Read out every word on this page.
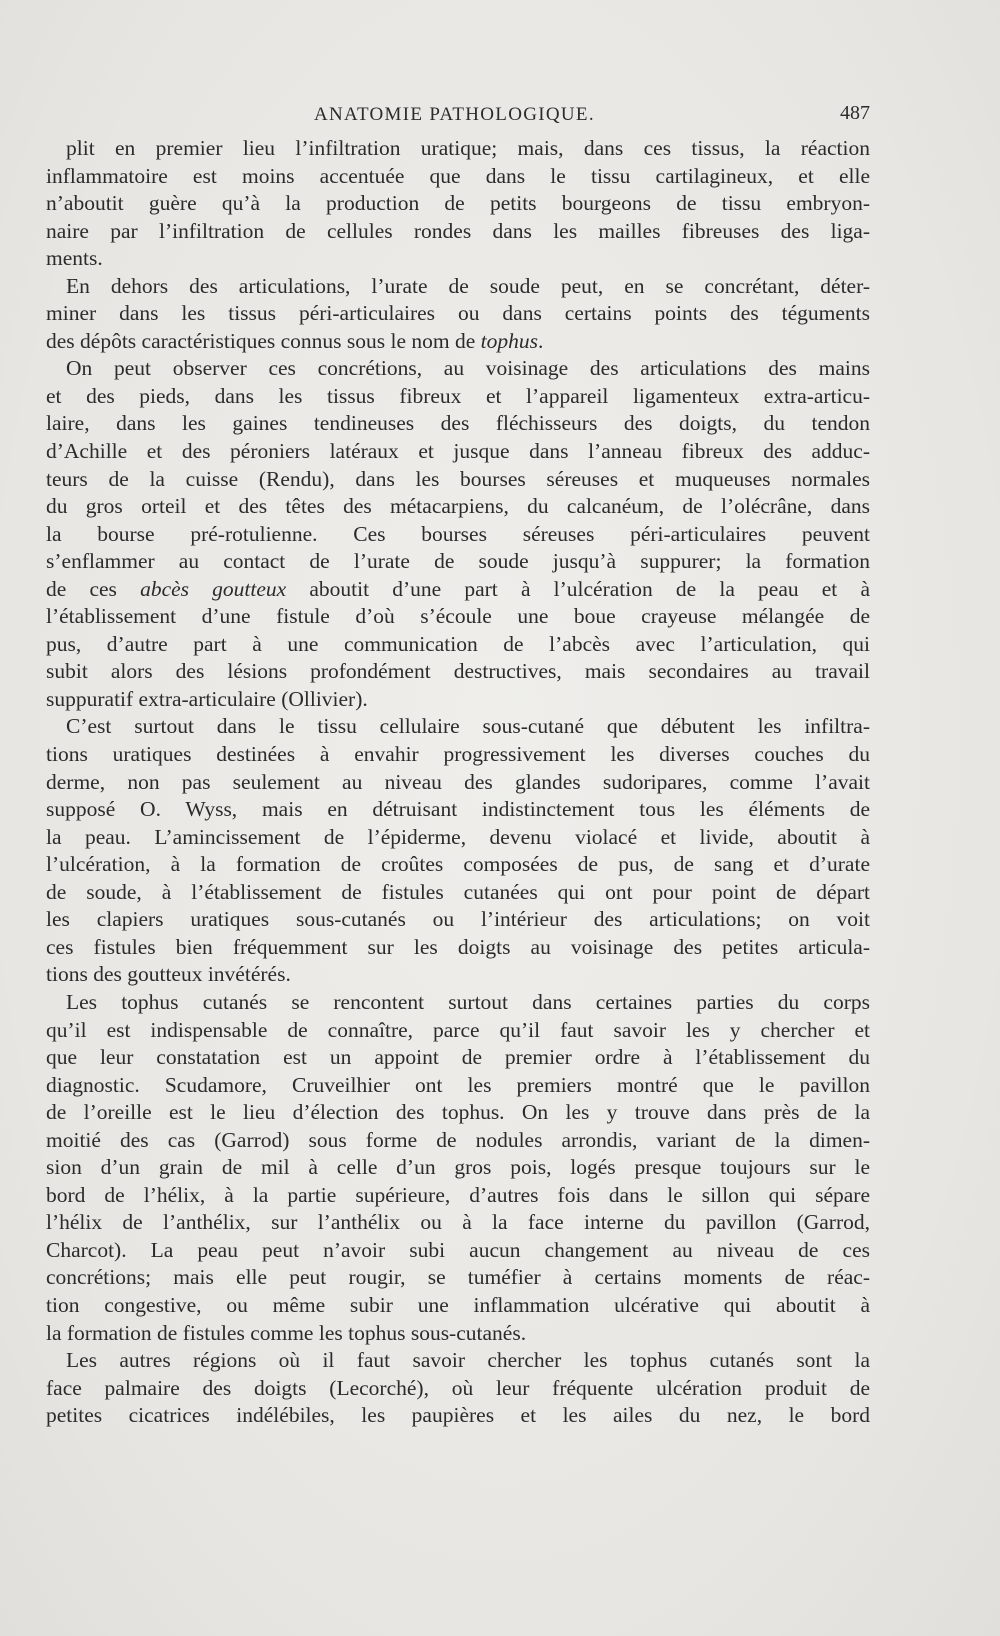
ANATOMIE PATHOLOGIQUE.	487

plit en premier lieu l’infiltration uratique; mais, dans ces tissus, la réaction
inflammatoire est moins accentuée que dans le tissu cartilagineux, et elle
n’aboutit guère qu’à la production de petits bourgeons de tissu embryon-
naire par l’infiltration de cellules rondes dans les mailles fibreuses des liga-
ments.

En dehors des articulations, l’urate de soude peut, en se concrétant, déter-
miner dans les tissus péri-articulaires ou dans certains points des téguments
des dépôts caractéristiques connus sous le nom de tophus.

On peut observer ces concrétions, au voisinage des articulations des mains
et des pieds, dans les tissus fibreux et l’appareil ligamenteux extra-articu-
laire, dans les gaines tendineuses des fléchisseurs des doigts, du tendon
d’Achille et des péroniers latéraux et jusque dans l’anneau fibreux des adduc-
teurs de la cuisse (Rendu), dans les bourses séreuses et muqueuses normales
du gros orteil et des têtes des métacarpiens, du calcanéum, de l’olécrâne, dans
la bourse pré-rotulienne. Ces bourses séreuses péri-articulaires peuvent
s’enflammer au contact de l’urate de soude jusqu’à suppurer; la formation
de ces abcès goutteux aboutit d’une part à l’ulcération de la peau et à
l’établissement d’une fistule d’où s’écoule une boue crayeuse mélangée de
pus, d’autre part à une communication de l’abcès avec l’articulation, qui
subit alors des lésions profondément destructives, mais secondaires au travail
suppuratif extra-articulaire (Ollivier).

C’est surtout dans le tissu cellulaire sous-cutané que débutent les infiltra-
tions uratiques destinées à envahir progressivement les diverses couches du
derme, non pas seulement au niveau des glandes sudoripares, comme l’avait
supposé O. Wyss, mais en détruisant indistinctement tous les éléments de
la peau. L’amincissement de l’épiderme, devenu violacé et livide, aboutit à
l’ulcération, à la formation de croûtes composées de pus, de sang et d’urate
de soude, à l’établissement de fistules cutanées qui ont pour point de départ
les clapiers uratiques sous-cutanés ou l’intérieur des articulations; on voit
ces fistules bien fréquemment sur les doigts au voisinage des petites articula-
tions des goutteux invétérés.

Les tophus cutanés se rencontent surtout dans certaines parties du corps
qu’il est indispensable de connaître, parce qu’il faut savoir les y chercher et
que leur constatation est un appoint de premier ordre à l’établissement du
diagnostic. Scudamore, Cruveilhier ont les premiers montré que le pavillon
de l’oreille est le lieu d’élection des tophus. On les y trouve dans près de la
moitié des cas (Garrod) sous forme de nodules arrondis, variant de la dimen-
sion d’un grain de mil à celle d’un gros pois, logés presque toujours sur le
bord de l’hélix, à la partie supérieure, d’autres fois dans le sillon qui sépare
l’hélix de l’anthélix, sur l’anthélix ou à la face interne du pavillon (Garrod,
Charcot). La peau peut n’avoir subi aucun changement au niveau de ces
concrétions; mais elle peut rougir, se tuméfier à certains moments de réac-
tion congestive, ou même subir une inflammation ulcérative qui aboutit à
la formation de fistules comme les tophus sous-cutanés.

Les autres régions où il faut savoir chercher les tophus cutanés sont la
face palmaire des doigts (Lecorché), où leur fréquente ulcération produit de
petites cicatrices indélébiles, les paupières et les ailes du nez, le bord
